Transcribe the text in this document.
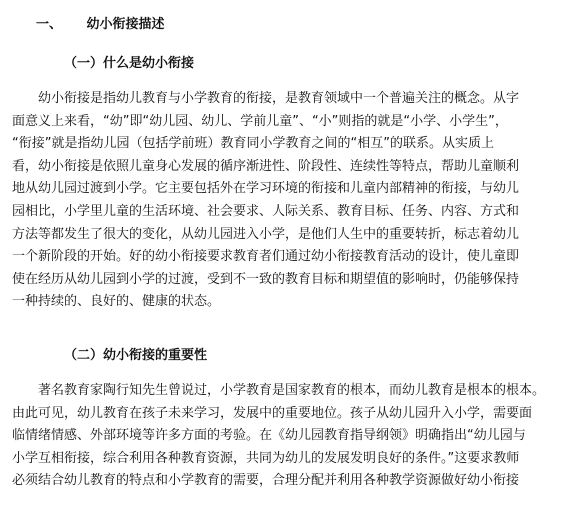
一、 幼小衔接描述
（一）什么是幼小衔接
　　幼小衔接是指幼儿教育与小学教育的衔接，是教育领域中一个普遍关注的概念。从字
面意义上来看，“幼”即“幼儿园、幼儿、学前儿童”、“小”则指的就是“小学、小学生”，
“衔接”就是指幼儿园（包括学前班）教育同小学教育之间的“相互”的联系。从实质上
看，幼小衔接是依照儿童身心发展的循序渐进性、阶段性、连续性等特点，帮助儿童顺利
地从幼儿园过渡到小学。它主要包括外在学习环境的衔接和儿童内部精神的衔接，与幼儿
园相比，小学里儿童的生活环境、社会要求、人际关系、教育目标、任务、内容、方式和
方法等都发生了很大的变化，从幼儿园进入小学，是他们人生中的重要转折，标志着幼儿
一个新阶段的开始。好的幼小衔接要求教育者们通过幼小衔接教育活动的设计，使儿童即
使在经历从幼儿园到小学的过渡，受到不一致的教育目标和期望值的影响时，仍能够保持
一种持续的、良好的、健康的状态。
（二）幼小衔接的重要性
　　著名教育家陶行知先生曾说过，小学教育是国家教育的根本，而幼儿教育是根本的根本。
由此可见，幼儿教育在孩子未来学习，发展中的重要地位。孩子从幼儿园升入小学，需要面
临情绪情感、外部环境等许多方面的考验。在《幼儿园教育指导纲领》明确指出“幼儿园与
小学互相衔接，综合利用各种教育资源，共同为幼儿的发展发明良好的条件。”这要求教师
必须结合幼儿教育的特点和小学教育的需要，合理分配并利用各种教学资源做好幼小衔接
